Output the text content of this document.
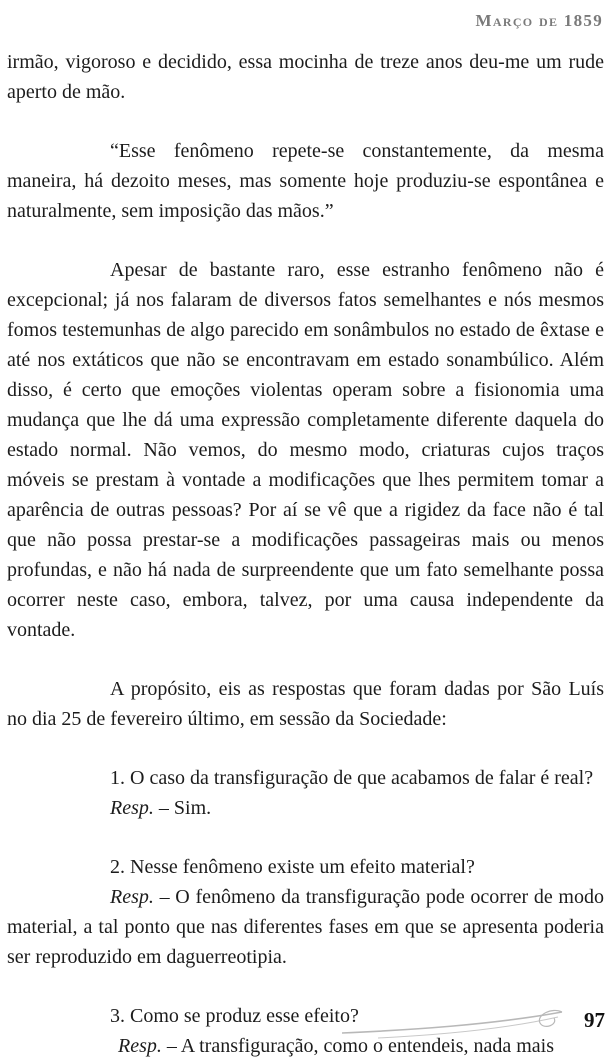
Março de 1859

irmão, vigoroso e decidido, essa mocinha de treze anos deu-me um rude aperto de mão.

“Esse fenômeno repete-se constantemente, da mesma maneira, há dezoito meses, mas somente hoje produziu-se espontânea e naturalmente, sem imposição das mãos.”

Apesar de bastante raro, esse estranho fenômeno não é excepcional; já nos falaram de diversos fatos semelhantes e nós mesmos fomos testemunhas de algo parecido em sonâmbulos no estado de êxtase e até nos extáticos que não se encontravam em estado sonambúlico. Além disso, é certo que emoções violentas operam sobre a fisionomia uma mudança que lhe dá uma expressão completamente diferente daquela do estado normal. Não vemos, do mesmo modo, criaturas cujos traços móveis se prestam à vontade a modificações que lhes permitem tomar a aparência de outras pessoas? Por aí se vê que a rigidez da face não é tal que não possa prestar-se a modificações passageiras mais ou menos profundas, e não há nada de surpreendente que um fato semelhante possa ocorrer neste caso, embora, talvez, por uma causa independente da vontade.

A propósito, eis as respostas que foram dadas por São Luís no dia 25 de fevereiro último, em sessão da Sociedade:

1. O caso da transfiguração de que acabamos de falar é real?

Resp. – Sim.

2. Nesse fenômeno existe um efeito material?

Resp. – O fenômeno da transfiguração pode ocorrer de modo material, a tal ponto que nas diferentes fases em que se apresenta poderia ser reproduzido em daguerreotipia.

3. Como se produz esse efeito?

Resp. – A transfiguração, como o entendeis, nada mais

97
